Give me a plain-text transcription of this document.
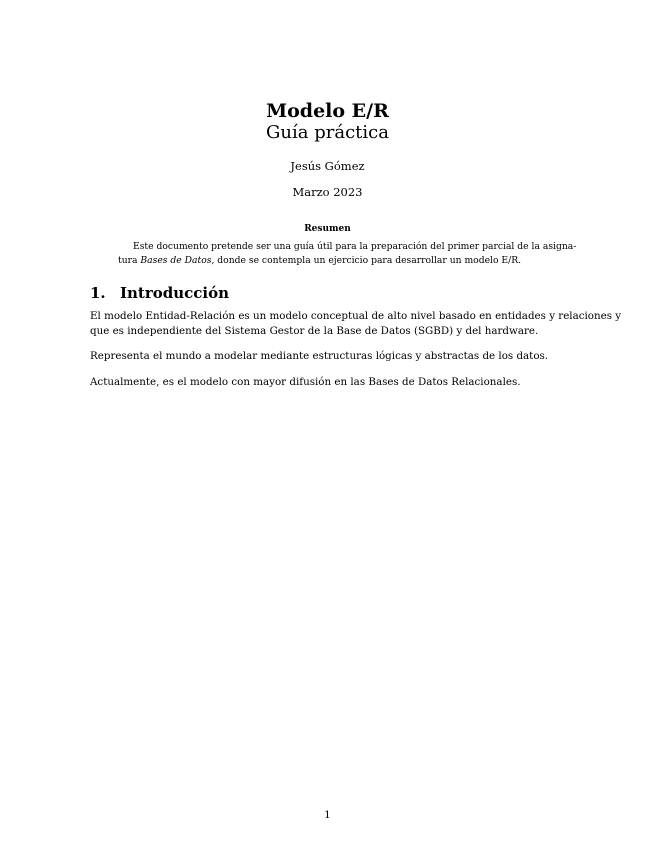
Modelo E/R
Guía práctica
Jesús Gómez
Marzo 2023
Resumen
Este documento pretende ser una guía útil para la preparación del primer parcial de la asigna-
tura Bases de Datos, donde se contempla un ejercicio para desarrollar un modelo E/R.
1. Introducción
El modelo Entidad-Relación es un modelo conceptual de alto nivel basado en entidades y relaciones y
que es independiente del Sistema Gestor de la Base de Datos (SGBD) y del hardware.
Representa el mundo a modelar mediante estructuras lógicas y abstractas de los datos.
Actualmente, es el modelo con mayor difusión en las Bases de Datos Relacionales.
1
